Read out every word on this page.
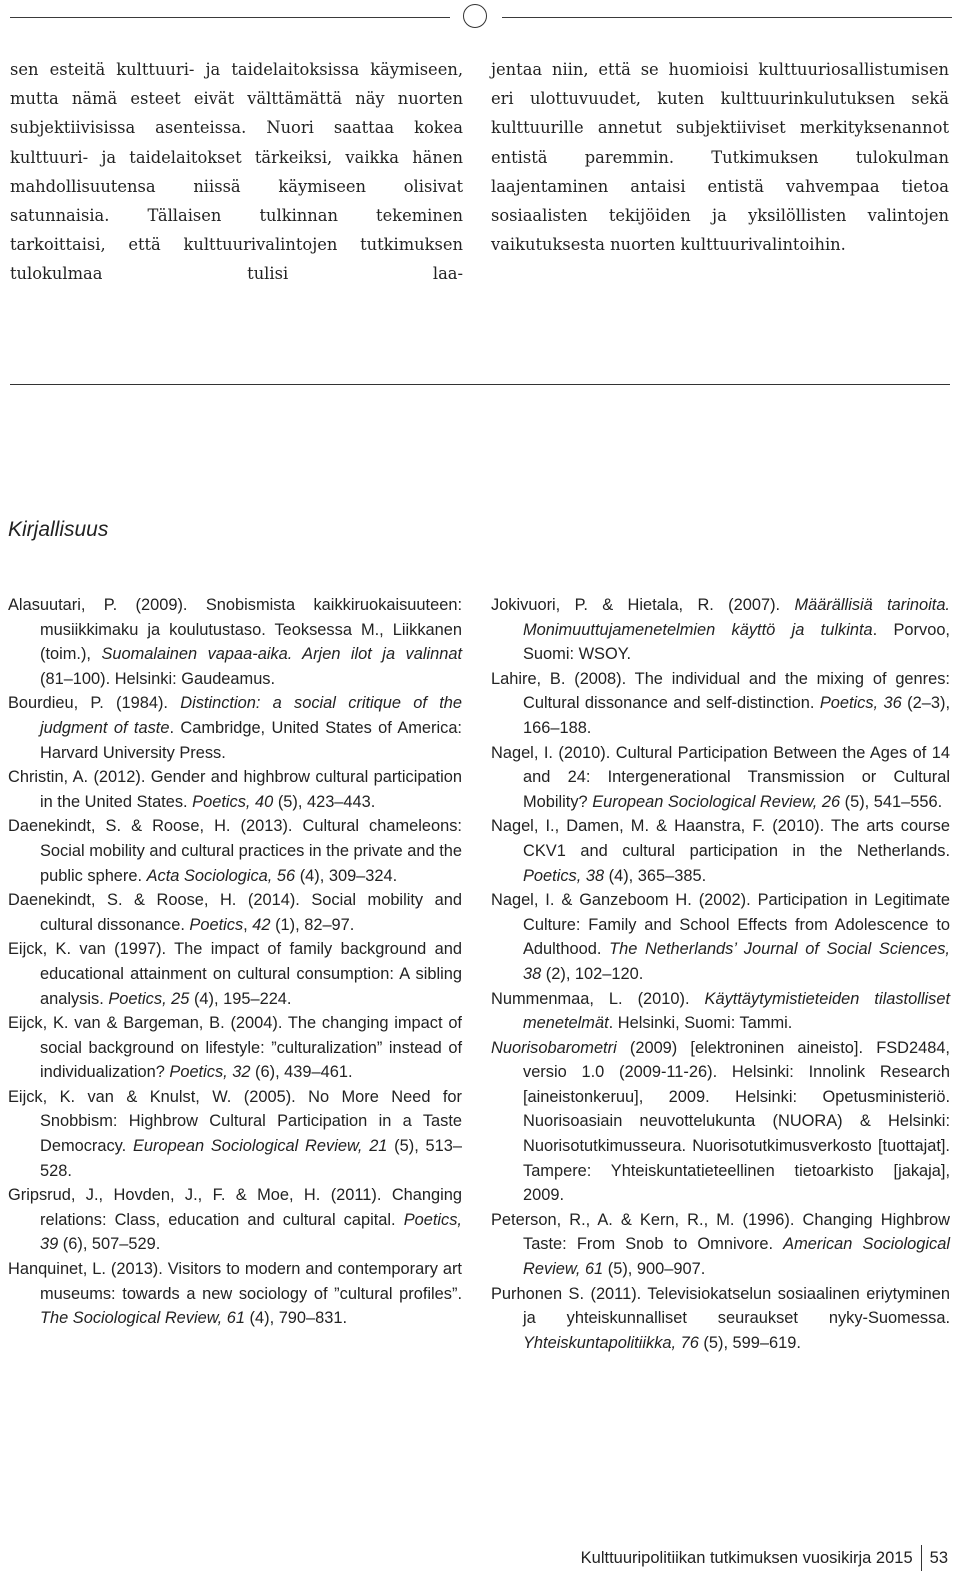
sen esteitä kulttuuri- ja taidelaitoksissa käymiseen, mutta nämä esteet eivät välttämättä näy nuorten subjektiivisissa asenteissa. Nuori saattaa kokea kulttuuri- ja taidelaitokset tärkeiksi, vaikka hänen mahdollisuutensa niissä käymiseen olisivat satunnaisia. Tällaisen tulkinnan tekeminen tarkoittaisi, että kulttuurivalintojen tutkimuksen tulokulmaa tulisi laa-

jentaa niin, että se huomioisi kulttuuriosallistumisen eri ulottuvuudet, kuten kulttuurinkulutuksen sekä kulttuurille annetut subjektiiviset merkityksenannot entistä paremmin. Tutkimuksen tulokulman laajentaminen antaisi entistä vahvempaa tietoa sosiaalisten tekijöiden ja yksilöllisten valintojen vaikutuksesta nuorten kulttuurivalintoihin.

Kirjallisuus
Alasuutari, P. (2009). Snobismista kaikkiruokaisuuteen: musiikkimaku ja koulutustaso. Teoksessa M., Liikkanen (toim.), Suomalainen vapaa-aika. Arjen ilot ja valinnat (81–100). Helsinki: Gaudeamus.
Bourdieu, P. (1984). Distinction: a social critique of the judgment of taste. Cambridge, United States of America: Harvard University Press.
Christin, A. (2012). Gender and highbrow cultural participation in the United States. Poetics, 40 (5), 423–443.
Daenekindt, S. & Roose, H. (2013). Cultural chameleons: Social mobility and cultural practices in the private and the public sphere. Acta Sociologica, 56 (4), 309–324.
Daenekindt, S. & Roose, H. (2014). Social mobility and cultural dissonance. Poetics, 42 (1), 82–97.
Eijck, K. van (1997). The impact of family background and educational attainment on cultural consumption: A sibling analysis. Poetics, 25 (4), 195–224.
Eijck, K. van & Bargeman, B. (2004). The changing impact of social background on lifestyle: ”culturalization” instead of individualization? Poetics, 32 (6), 439–461.
Eijck, K. van & Knulst, W. (2005). No More Need for Snobbism: Highbrow Cultural Participation in a Taste Democracy. European Sociological Review, 21 (5), 513–528.
Gripsrud, J., Hovden, J., F. & Moe, H. (2011). Changing relations: Class, education and cultural capital. Poetics, 39 (6), 507–529.
Hanquinet, L. (2013). Visitors to modern and contemporary art museums: towards a new sociology of ”cultural profiles”. The Sociological Review, 61 (4), 790–831.
Jokivuori, P. & Hietala, R. (2007). Määrällisiä tarinoita. Monimuuttujamenetelmien käyttö ja tulkinta. Porvoo, Suomi: WSOY.
Lahire, B. (2008). The individual and the mixing of genres: Cultural dissonance and self-distinction. Poetics, 36 (2–3), 166–188.
Nagel, I. (2010). Cultural Participation Between the Ages of 14 and 24: Intergenerational Transmission or Cultural Mobility? European Sociological Review, 26 (5), 541–556.
Nagel, I., Damen, M. & Haanstra, F. (2010). The arts course CKV1 and cultural participation in the Netherlands. Poetics, 38 (4), 365–385.
Nagel, I. & Ganzeboom H. (2002). Participation in Legitimate Culture: Family and School Effects from Adolescence to Adulthood. The Netherlands’ Journal of Social Sciences, 38 (2), 102–120.
Nummenmaa, L. (2010). Käyttäytymistieteiden tilastolliset menetelmät. Helsinki, Suomi: Tammi.
Nuorisobarometri (2009) [elektroninen aineisto]. FSD2484, versio 1.0 (2009-11-26). Helsinki: Innolink Research [aineistonkeruu], 2009. Helsinki: Opetusministeriö. Nuorisoasiain neuvottelukunta (NUORA) & Helsinki: Nuorisotutkimusseura. Nuorisotutkimusverkosto [tuottajat]. Tampere: Yhteiskuntatieteellinen tietoarkisto [jakaja], 2009.
Peterson, R., A. & Kern, R., M. (1996). Changing Highbrow Taste: From Snob to Omnivore. American Sociological Review, 61 (5), 900–907.
Purhonen S. (2011). Televisiokatselun sosiaalinen eriytyminen ja yhteiskunnalliset seuraukset nyky-Suomessa. Yhteiskuntapolitiikka, 76 (5), 599–619.
Kulttuuripolitiikan tutkimuksen vuosikirja 2015 53
